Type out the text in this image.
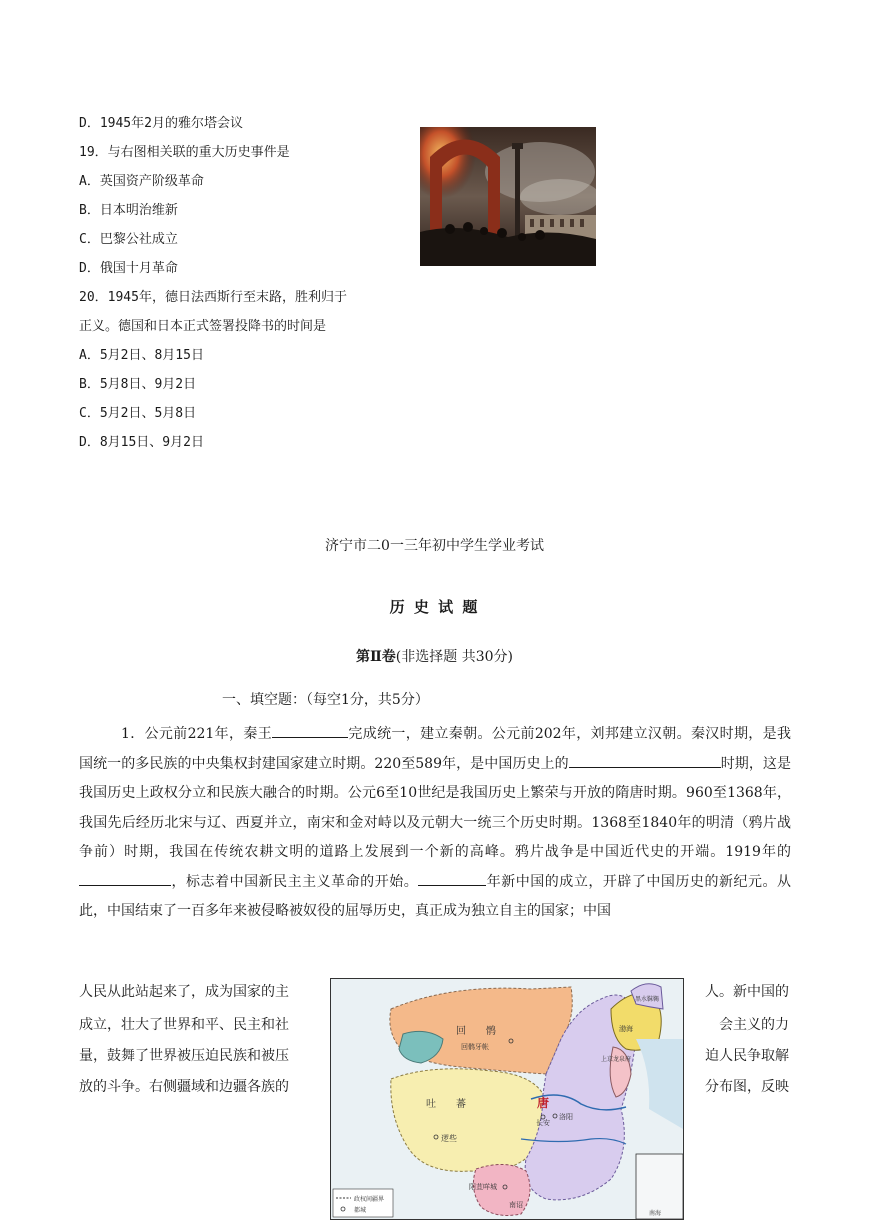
D．1945年2月的雅尔塔会议
19．与右图相关联的重大历史事件是
A．英国资产阶级革命
B．日本明治维新
C．巴黎公社成立
D．俄国十月革命
20．1945年，德日法西斯行至末路，胜利归于
正义。德国和日本正式签署投降书的时间是
A．5月2日、8月15日
B．5月8日、9月2日
C．5月2日、5月8日
D．8月15日、9月2日
济宁市二0一三年初中学生学业考试
历 史 试 题
第Ⅱ卷(非选择题 共30分)
一、填空题：（每空1分，共5分）
1．公元前221年，秦王	完成统一，建立秦朝。公元前202年，刘邦建立汉朝。秦汉时期，是我国统一的多民族的中央集权封建国家建立时期。220至589年，是中国历史上的	时期，这是我国历史上政权分立和民族大融合的时期。公元6至10世纪是我国历史上繁荣与开放的隋唐时期。960至1368年，我国先后经历北宋与辽、西夏并立，南宋和金对峙以及元朝大一统三个历史时期。1368至1840年的明清（鸦片战争前）时期，我国在传统农耕文明的道路上发展到一个新的高峰。鸦片战争是中国近代史的开端。1919年的，标志着中国新民主主义革命的开始。	年新中国的成立，开辟了中国历史的新纪元。从此，中国结束了一百多年来被侵略被奴役的屈辱历史，真正成为独立自主的国家；中国
人民从此站起来了，成为国家的主
成立，壮大了世界和平、民主和社
量，鼓舞了世界被压迫民族和被压
放的斗争。右侧疆域和边疆各族的
人。新中国的
会主义的力
迫人民争取解
分布图，反映
回　　鹘
回鹘牙帐
吐　　蕃
逻些
唐
长安
洛阳
南诏
阳苴咩城
渤海
上京龙泉府
黑水靺鞨
南海
政权间疆界
都城
